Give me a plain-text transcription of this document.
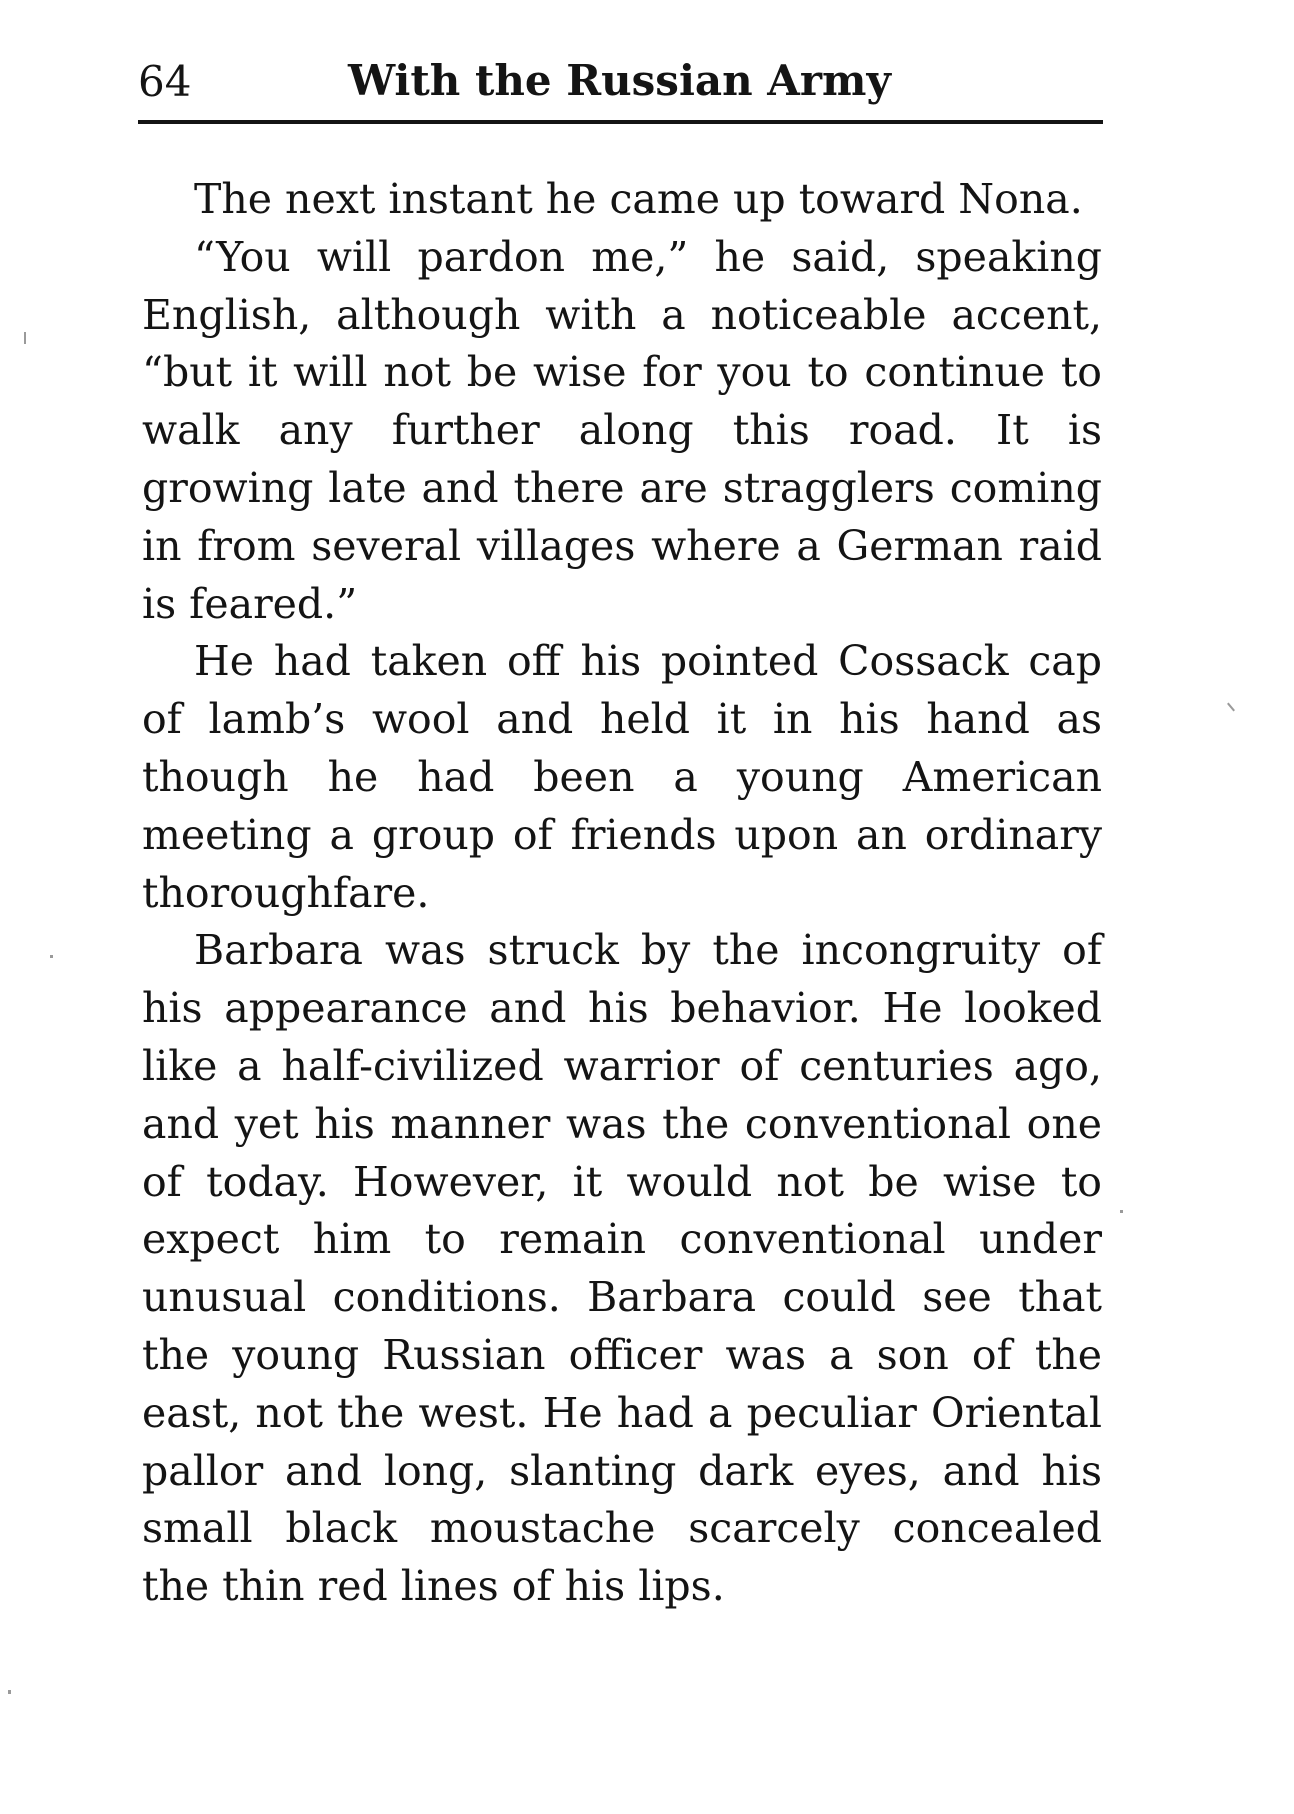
64	With the Russian Army

The next instant he came up toward Nona.

“You will pardon me,” he said, speaking English, although with a noticeable accent, “but it will not be wise for you to continue to walk any further along this road. It is growing late and there are stragglers coming in from several villages where a German raid is feared.”

He had taken off his pointed Cossack cap of lamb’s wool and held it in his hand as though he had been a young American meeting a group of friends upon an ordinary thoroughfare.

Barbara was struck by the incongruity of his appearance and his behavior. He looked like a half-civilized warrior of centuries ago, and yet his manner was the conventional one of today. However, it would not be wise to expect him to remain conventional under unusual conditions. Barbara could see that the young Russian officer was a son of the east, not the west. He had a peculiar Oriental pallor and long, slanting dark eyes, and his small black moustache scarcely concealed the thin red lines of his lips.
